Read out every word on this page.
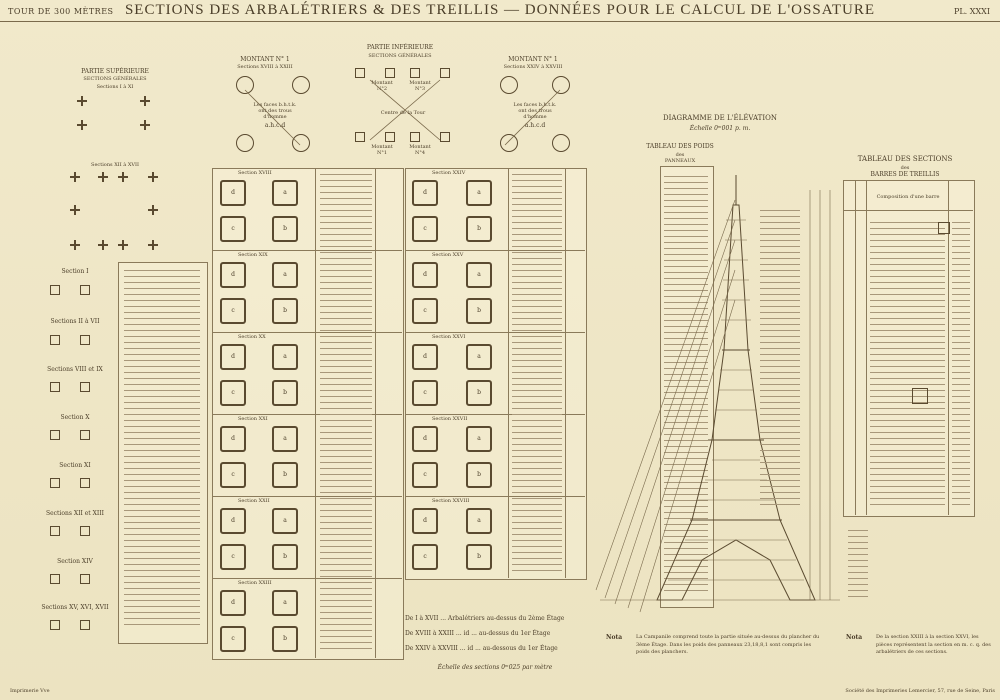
TOUR DE 300 MÈTRES SECTIONS DES ARBALÉTRIERS & DES TREILLIS — DONNÉES POUR LE CALCUL DE L'OSSATURE	PL. XXXI
PARTIE SUPÉRIEURE
SECTIONS GÉNÉRALES
Sections I à XI
Sections XII à XVII
Section I
Sections II à VII
Sections VIII et IX
Section X
Section XI
Sections XII et XIII
Section XIV
Sections XV, XVI, XVII
MONTANT N° 1
Sections XVIII à XXIII
Les faces b.h.t.k. ont des trous d'homme
a.h.c.d
PARTIE INFÉRIEURE
SECTIONS GÉNÉRALES
Montant N°2
Montant N°3
Centre de la Tour
Montant N°1
Montant N°4
MONTANT N° 1
Sections XXIV à XXVIII
Les faces b.h.t.k. ont des trous d'homme
a.h.c.d
Section XVIII
Section XIX
Section XX
Section XXI
Section XXII
Section XXIII
Section XXIV
Section XXV
Section XXVI
Section XXVII
Section XXVIII
d	a
c	b
d	a
c	b
d	a
c	b
d	a
c	b
d	a
c	b
d	a
c	b
d	a
c	b
d	a
c	b
d	a
c	b
d	a
c	b
d	a
c	b
De I à XVII ... Arbalétriers au-dessus du 2ème Étage
De XVIII à XXIII ... id ... au-dessus du 1er Étage
De XXIV à XXVIII ... id ... au-dessous du 1er Étage
Échelle des sections 0ᵐ025 par mètre
DIAGRAMME DE L'ÉLÉVATION
Échelle 0ᵐ001 p. m.
TABLEAU DES POIDS
des
PANNEAUX
Nota	La Campanile comprend toute la partie située au-dessus du plancher du 3ème Étage. Dans les poids des panneaux 23,18,8,1 sont compris les poids des planchers.
TABLEAU DES SECTIONS
des
BARRES DE TREILLIS
Composition d'une barre
Nota	De la section XXIII à la section XXVI, les pièces représentent la section en m. c. q. des arbalétriers de ces sections.
Imprimerie Vve	Société des Imprimeries Lemercier, 57, rue de Seine, Paris
